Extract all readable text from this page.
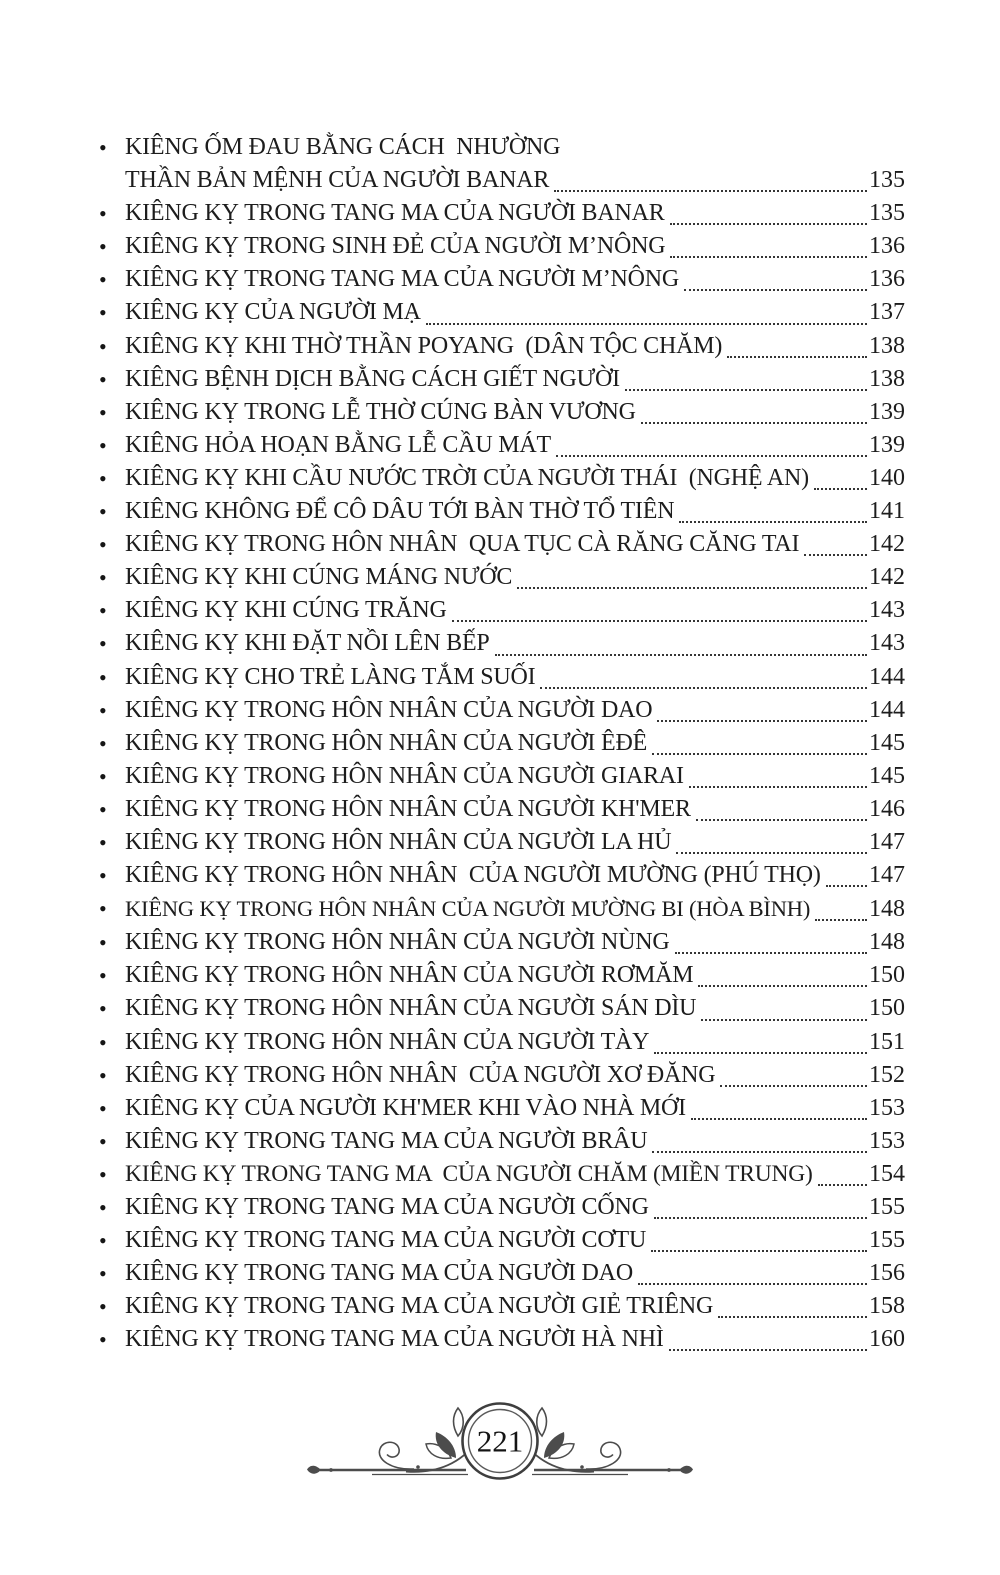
• KIÊNG ỐM ĐAU BẰNG CÁCH  NHƯỜNG
THẦN BẢN MỆNH CỦA NGƯỜI BANAR	135
• KIÊNG KỴ TRONG TANG MA CỦA NGƯỜI BANAR	135
• KIÊNG KỴ TRONG SINH ĐẺ CỦA NGƯỜI M’NÔNG	136
• KIÊNG KỴ TRONG TANG MA CỦA NGƯỜI M’NÔNG	136
• KIÊNG KỴ CỦA NGƯỜI MẠ	137
• KIÊNG KỴ KHI THỜ THẦN POYANG  (DÂN TỘC CHĂM)	138
• KIÊNG BỆNH DỊCH BẰNG CÁCH GIẾT NGƯỜI	138
• KIÊNG KỴ TRONG LỄ THỜ CÚNG BÀN VƯƠNG	139
• KIÊNG HỎA HOẠN BẰNG LỄ CẦU MÁT	139
• KIÊNG KỴ KHI CẦU NƯỚC TRỜI CỦA NGƯỜI THÁI  (NGHỆ AN)	140
• KIÊNG KHÔNG ĐỂ CÔ DÂU TỚI BÀN THỜ TỔ TIÊN	141
• KIÊNG KỴ TRONG HÔN NHÂN  QUA TỤC CÀ RĂNG CĂNG TAI	142
• KIÊNG KỴ KHI CÚNG MÁNG NƯỚC	142
• KIÊNG KỴ KHI CÚNG TRĂNG	143
• KIÊNG KỴ KHI ĐẶT NỒI LÊN BẾP	143
• KIÊNG KỴ CHO TRẺ LÀNG TẮM SUỐI	144
• KIÊNG KỴ TRONG HÔN NHÂN CỦA NGƯỜI DAO	144
• KIÊNG KỴ TRONG HÔN NHÂN CỦA NGƯỜI ÊĐÊ	145
• KIÊNG KỴ TRONG HÔN NHÂN CỦA NGƯỜI GIARAI	145
• KIÊNG KỴ TRONG HÔN NHÂN CỦA NGƯỜI KH'MER	146
• KIÊNG KỴ TRONG HÔN NHÂN CỦA NGƯỜI LA HỦ	147
• KIÊNG KỴ TRONG HÔN NHÂN  CỦA NGƯỜI MƯỜNG (PHÚ THỌ) 147
• KIÊNG KỴ TRONG HÔN NHÂN CỦA NGƯỜI MƯỜNG BI (HÒA BÌNH) 148
• KIÊNG KỴ TRONG HÔN NHÂN CỦA NGƯỜI NÙNG	148
• KIÊNG KỴ TRONG HÔN NHÂN CỦA NGƯỜI RƠMĂM	150
• KIÊNG KỴ TRONG HÔN NHÂN CỦA NGƯỜI SÁN DÌU	150
• KIÊNG KỴ TRONG HÔN NHÂN CỦA NGƯỜI TÀY	151
• KIÊNG KỴ TRONG HÔN NHÂN  CỦA NGƯỜI XƠ ĐĂNG	152
• KIÊNG KỴ CỦA NGƯỜI KH'MER KHI VÀO NHÀ MỚI	153
• KIÊNG KỴ TRONG TANG MA CỦA NGƯỜI BRÂU	153
• KIÊNG KỴ TRONG TANG MA  CỦA NGƯỜI CHĂM (MIỀN TRUNG) 154
• KIÊNG KỴ TRONG TANG MA CỦA NGƯỜI CỐNG	155
• KIÊNG KỴ TRONG TANG MA CỦA NGƯỜI CƠTU	155
• KIÊNG KỴ TRONG TANG MA CỦA NGƯỜI DAO	156
• KIÊNG KỴ TRONG TANG MA CỦA NGƯỜI GIẺ TRIÊNG	158
• KIÊNG KỴ TRONG TANG MA CỦA NGƯỜI HÀ NHÌ	160
221
